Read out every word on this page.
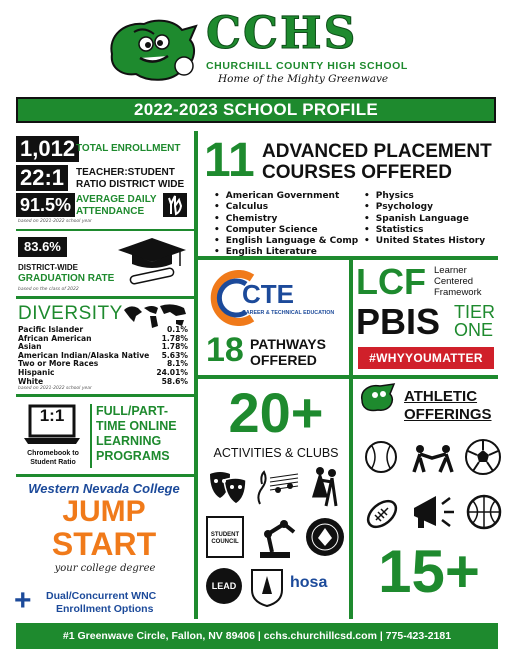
CCHS
CHURCHILL COUNTY HIGH SCHOOL
Home of the Mighty Greenwave
2022-2023 SCHOOL PROFILE
1,012 TOTAL ENROLLMENT
22:1	TEACHER:STUDENT
RATIO DISTRICT WIDE
91.5% AVERAGE DAILY
ATTENDANCE
based on 2021-2022 school year
83.6%
DISTRICT-WIDE
GRADUATION RATE
based on the class of 2022
DIVERSITY
Pacific Islander	0.1%
African American	1.78%
Asian	1.78%
American Indian/Alaska Native 5.63%
Two or More Races	8.1%
Hispanic	24.01%
White	58.6%
based on 2021-2022 school year
1:1
Chromebook to
Student Ratio
FULL/PART-
TIME ONLINE
LEARNING
PROGRAMS
Western Nevada College
JUMP
START
your college degree
+ Dual/Concurrent WNC
Enrollment Options
11 ADVANCED PLACEMENT
COURSES OFFERED
• American Government
• Calculus
• Chemistry
• Computer Science
• English Language & Comp
• English Literature
• Physics
• Psychology
• Spanish Language
• Statistics
• United States History
CTE
CAREER & TECHNICAL EDUCATION
18 PATHWAYS
OFFERED
LCF Learner
Centered
Framework
PBIS TIER
ONE
#WHYYOUMATTER
20+
ACTIVITIES & CLUBS
STUDENT COUNCIL
LEAD	hosa
ATHLETIC
OFFERINGS
15+
#1 Greenwave Circle, Fallon, NV 89406 | cchs.churchillcsd.com | 775-423-2181
